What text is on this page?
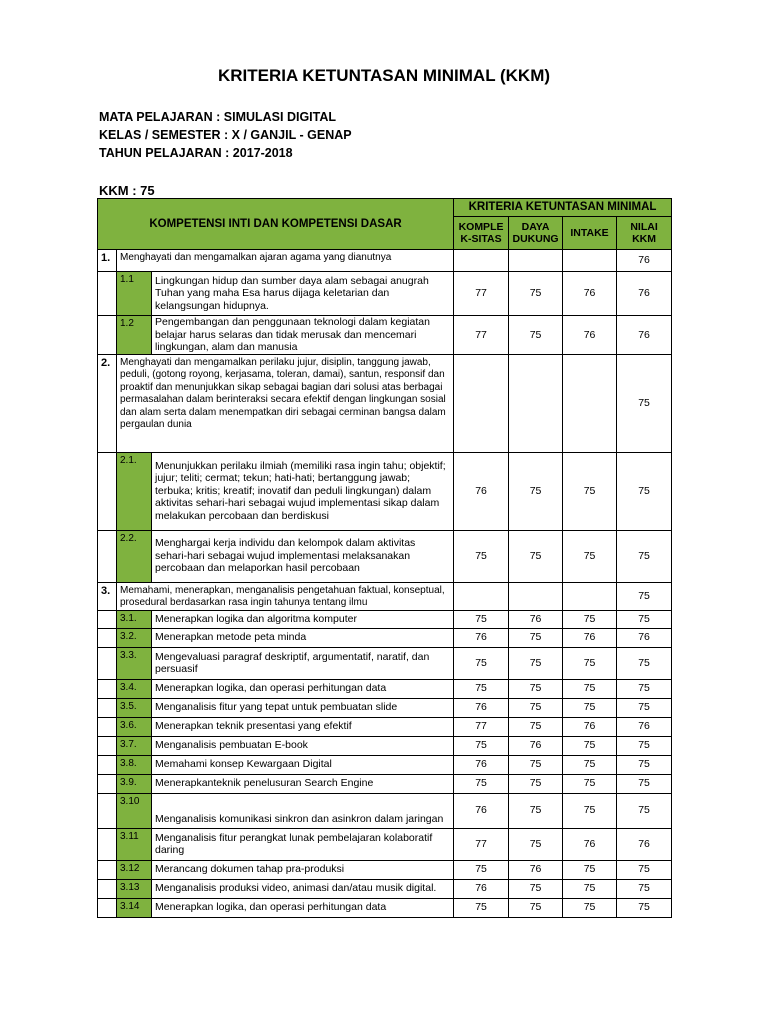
KRITERIA KETUNTASAN MINIMAL (KKM)
MATA PELAJARAN : SIMULASI DIGITAL
KELAS / SEMESTER : X / GANJIL - GENAP
TAHUN PELAJARAN : 2017-2018
KKM : 75
KOMPETENSI INTI DAN KOMPETENSI DASAR			KRITERIA KETUNTASAN MINIMAL			
			KOMPLE K-SITAS	DAYA DUKUNG	INTAKE	NILAI KKM
1.	Menghayati dan mengamalkan ajaran agama yang dianutnya					76
	1.1	Lingkungan hidup dan sumber daya alam sebagai anugrah Tuhan yang maha Esa harus dijaga keletarian dan kelangsungan hidupnya.	77	75	76	76
	1.2	Pengembangan dan penggunaan teknologi dalam kegiatan belajar harus selaras dan tidak merusak dan mencemari lingkungan, alam dan manusia	77	75	76	76
2.	Menghayati dan mengamalkan perilaku jujur, disiplin, tanggung jawab, peduli, (gotong royong, kerjasama, toleran, damai), santun, responsif dan proaktif dan menunjukkan sikap sebagai bagian dari solusi atas berbagai permasalahan dalam berinteraksi secara efektif dengan lingkungan sosial dan alam serta dalam menempatkan diri sebagai cerminan bangsa dalam pergaulan dunia					75
	2.1.	Menunjukkan perilaku ilmiah (memiliki rasa ingin tahu; objektif; jujur; teliti; cermat; tekun; hati-hati; bertanggung jawab; terbuka; kritis; kreatif; inovatif dan peduli lingkungan) dalam aktivitas sehari-hari sebagai wujud implementasi sikap dalam melakukan percobaan dan berdiskusi	76	75	75	75
	2.2.	Menghargai kerja individu dan kelompok dalam aktivitas sehari-hari sebagai wujud implementasi melaksanakan percobaan dan melaporkan hasil percobaan	75	75	75	75
3.	Memahami, menerapkan, menganalisis pengetahuan faktual, konseptual, prosedural berdasarkan rasa ingin tahunya tentang ilmu					75
	3.1.	Menerapkan logika dan algoritma komputer	75	76	75	75
	3.2.	Menerapkan metode peta minda	76	75	76	76
	3.3.	Mengevaluasi paragraf deskriptif, argumentatif, naratif, dan persuasif	75	75	75	75
	3.4.	Menerapkan logika, dan operasi perhitungan data	75	75	75	75
	3.5.	Menganalisis fitur yang tepat untuk pembuatan slide	76	75	75	75
	3.6.	Menerapkan teknik presentasi yang efektif	77	75	76	76
	3.7.	Menganalisis pembuatan E-book	75	76	75	75
	3.8.	Memahami konsep Kewargaan Digital	76	75	75	75
	3.9.	Menerapkanteknik penelusuran Search Engine	75	75	75	75
	3.10	Menganalisis komunikasi sinkron dan asinkron dalam jaringan	76	75	75	75
	3.11	Menganalisis fitur perangkat lunak pembelajaran kolaboratif daring	77	75	76	76
	3.12	Merancang dokumen tahap pra-produksi	75	76	75	75
	3.13	Menganalisis produksi video, animasi dan/atau musik digital.	76	75	75	75
	3.14	Menerapkan logika, dan operasi perhitungan data	75	75	75	75
